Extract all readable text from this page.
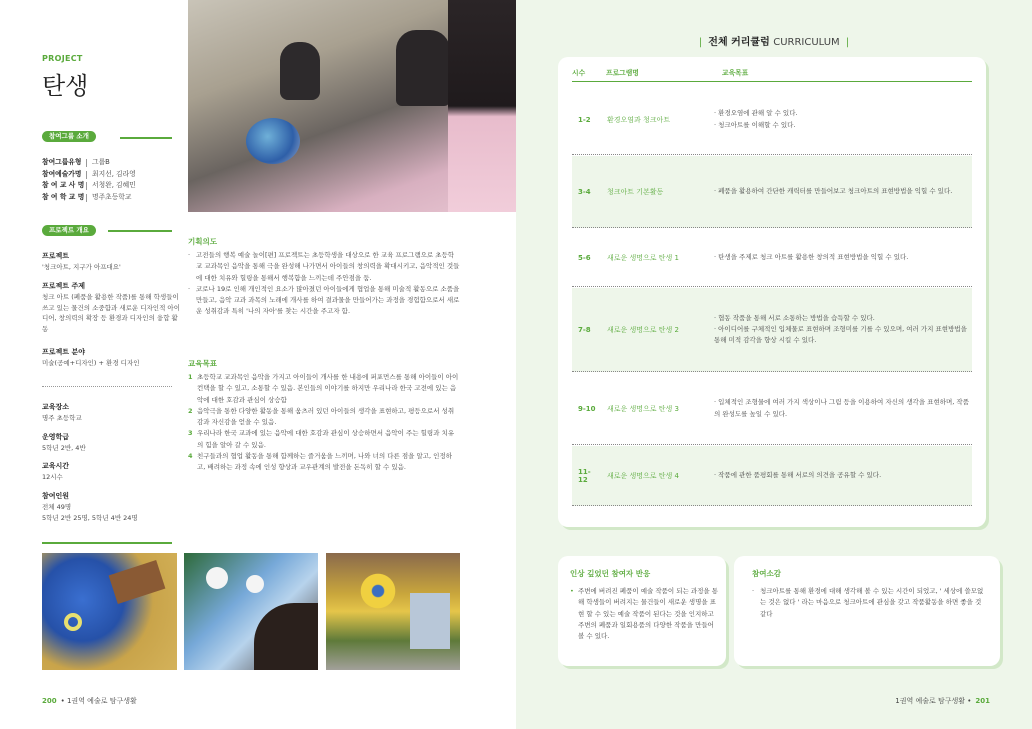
PROJECT
탄생
참여그룹 소개
참여그룹유형	그룹B
참여예술가명	최지선, 김라영
참 여 교 사 명 서청완, 김혜민
참 여 학 교 명 명주초등학교
프로젝트 개요
프로젝트
'청크아트, 지구가 아프대요'
프로젝트 주제
청크 아트 (폐품을 활용한 작품)를 통해 학생들이 쓰고 있는 물건의 소중함과 새로운 디자인적 아이디어, 창의력의 확장 등 환경과 디자인의 융합 활동
프로젝트 분야
미술(공예+디자인) + 환경 디자인
교육장소
명주 초등학교
운영학급
5학년 2반, 4반
교육시간
12시수
참여인원
전체 49명
5학년 2반 25명, 5학년 4반 24명
기획의도
· 고전들의 행복 예술 놀이[편] 프로젝트는 초등학생을 대상으로 한 교육 프로그램으로 초등학교 교과목인 음악을 통해 극을 완성해 나가면서 아이들의 창의력을 확대시키고, 음악적인 것들에 대한 치유와 힐링을 통해서 행복함을 느끼는데 주안점을 둠.
· 코로나 19로 인해 개인적인 요소가 많아졌던 아이들에게 협업을 통해 미술적 활동으로 소품을 만들고, 음악 교과 과목의 노래에 개사를 하여 결과물을 만들어가는 과정을 경험함으로서 새로운 성취감과 특히 '나의 자아'를 찾는 시간을 주고자 함.
교육목표
1 초등학교 교과목인 음악을 가지고 아이들이 개사를 한 내용에 퍼포먼스를 통해 아이들이 아이컨택을 할 수 있고, 소통할 수 있음. 본인들의 이야기를 하지만 우리나라 한국 고전에 있는 음악에 대한 호감과 관심이 상승함
2 음악극을 통한 다양한 활동을 통해 움츠러 있던 아이들의 생각을 표현하고, 평등으로서 성취감과 자신감을 얻을 수 있음.
3 우리나라 한국 교과에 있는 음악에 대한 호감과 관심이 상승하면서 음악이 주는 힐링과 치유의 힘을 알아 갈 수 있음.
4 친구들과의 협업 활동을 통해 함께하는 즐거움을 느끼며, 나와 너의 다른 점을 알고, 인정하고, 배려하는 과정 속에 인성 향상과 교우관계의 발전을 돈독히 할 수 있음.
200 • 1권역 예술로 탐구생활
| 전체 커리큘럼 CURRICULUM |
1권역 예술로 탐구생활 • 201
시수	프로그램명	교육목표
1-2	환경오염과 청크아트
· 환경오염에 관해 알 수 있다.
· 청크아트를 이해할 수 있다.
3-4	청크아트 기본활동	· 폐품을 활용하여 간단한 캐릭터를 만들어보고 청크아트의 표현방법을 익힐 수 있다.
5-6	새로운 생명으로 탄생 1	· 탄생을 주제로 청크 아트를 활용한 창의적 표현방법을 익힐 수 있다.
7-8	새로운 생명으로 탄생 2
· 협동 작품을 통해 서로 소통하는 방법을 습득할 수 있다.
· 아이디어를 구체적인 입체물로 표현하며 조형미를 기를 수 있으며, 여러 가지 표현방법을 통해 미적 감각을 향상 시킬 수 있다.
9-10	새로운 생명으로 탄생 3
· 입체적인 조형물에 여러 가지 색상이나 그림 등을 이용하여 자신의 생각을 표현하며, 작품의 완성도를 높일 수 있다.
11-12	새로운 생명으로 탄생 4	· 작품에 관한 품평회를 통해 서로의 의견을 공유할 수 있다.
인상 깊었던 참여자 반응
• 주변에 버려진 폐품이 예술 작품이 되는 과정을 통해 학생들이 버려지는 물건들이 새로운 생명을 표현 할 수 있는 예술 작품이 된다는 것을 인지하고 주변의 폐품과 일회용품의 다양한 작품을 만들어 볼 수 있다.
참여소감
· 청크아트를 통해 환경에 대해 생각해 볼 수 있는 시간이 되었고, ' 세상에 쓸모없는 것은 없다 ' 라는 마음으로 청크아트에 관심을 갖고 작품활동을 하면 좋을 것 같다
